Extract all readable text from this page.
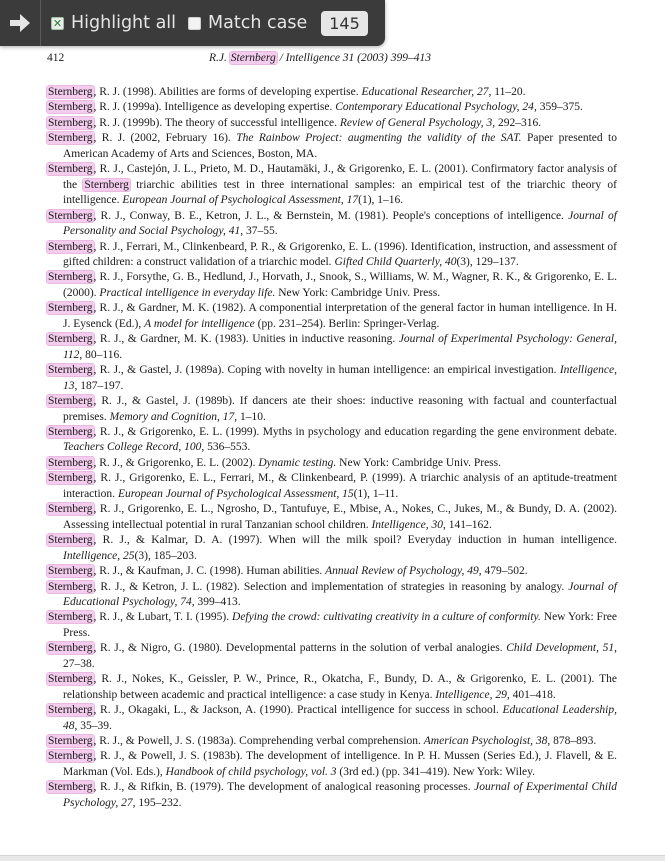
✕ Highlight all Match case	145
412	R.J. Sternberg / Intelligence 31 (2003) 399–413
Sternberg, R. J. (1998). Abilities are forms of developing expertise. Educational Researcher, 27, 11–20.
Sternberg, R. J. (1999a). Intelligence as developing expertise. Contemporary Educational Psychology, 24, 359–375.
Sternberg, R. J. (1999b). The theory of successful intelligence. Review of General Psychology, 3, 292–316.
Sternberg, R. J. (2002, February 16). The Rainbow Project: augmenting the validity of the SAT. Paper presented to American Academy of Arts and Sciences, Boston, MA.
Sternberg, R. J., Castejón, J. L., Prieto, M. D., Hautamäki, J., & Grigorenko, E. L. (2001). Confirmatory factor analysis of the Sternberg triarchic abilities test in three international samples: an empirical test of the triarchic theory of intelligence. European Journal of Psychological Assessment, 17(1), 1–16.
Sternberg, R. J., Conway, B. E., Ketron, J. L., & Bernstein, M. (1981). People's conceptions of intelligence. Journal of Personality and Social Psychology, 41, 37–55.
Sternberg, R. J., Ferrari, M., Clinkenbeard, P. R., & Grigorenko, E. L. (1996). Identification, instruction, and assessment of gifted children: a construct validation of a triarchic model. Gifted Child Quarterly, 40(3), 129–137.
Sternberg, R. J., Forsythe, G. B., Hedlund, J., Horvath, J., Snook, S., Williams, W. M., Wagner, R. K., & Grigorenko, E. L. (2000). Practical intelligence in everyday life. New York: Cambridge Univ. Press.
Sternberg, R. J., & Gardner, M. K. (1982). A componential interpretation of the general factor in human intelligence. In H. J. Eysenck (Ed.), A model for intelligence (pp. 231–254). Berlin: Springer-Verlag.
Sternberg, R. J., & Gardner, M. K. (1983). Unities in inductive reasoning. Journal of Experimental Psychology: General, 112, 80–116.
Sternberg, R. J., & Gastel, J. (1989a). Coping with novelty in human intelligence: an empirical investigation. Intelligence, 13, 187–197.
Sternberg, R. J., & Gastel, J. (1989b). If dancers ate their shoes: inductive reasoning with factual and counterfactual premises. Memory and Cognition, 17, 1–10.
Sternberg, R. J., & Grigorenko, E. L. (1999). Myths in psychology and education regarding the gene environment debate. Teachers College Record, 100, 536–553.
Sternberg, R. J., & Grigorenko, E. L. (2002). Dynamic testing. New York: Cambridge Univ. Press.
Sternberg, R. J., Grigorenko, E. L., Ferrari, M., & Clinkenbeard, P. (1999). A triarchic analysis of an aptitude-treatment interaction. European Journal of Psychological Assessment, 15(1), 1–11.
Sternberg, R. J., Grigorenko, E. L., Ngrosho, D., Tantufuye, E., Mbise, A., Nokes, C., Jukes, M., & Bundy, D. A. (2002). Assessing intellectual potential in rural Tanzanian school children. Intelligence, 30, 141–162.
Sternberg, R. J., & Kalmar, D. A. (1997). When will the milk spoil? Everyday induction in human intelligence. Intelligence, 25(3), 185–203.
Sternberg, R. J., & Kaufman, J. C. (1998). Human abilities. Annual Review of Psychology, 49, 479–502.
Sternberg, R. J., & Ketron, J. L. (1982). Selection and implementation of strategies in reasoning by analogy. Journal of Educational Psychology, 74, 399–413.
Sternberg, R. J., & Lubart, T. I. (1995). Defying the crowd: cultivating creativity in a culture of conformity. New York: Free Press.
Sternberg, R. J., & Nigro, G. (1980). Developmental patterns in the solution of verbal analogies. Child Development, 51, 27–38.
Sternberg, R. J., Nokes, K., Geissler, P. W., Prince, R., Okatcha, F., Bundy, D. A., & Grigorenko, E. L. (2001). The relationship between academic and practical intelligence: a case study in Kenya. Intelligence, 29, 401–418.
Sternberg, R. J., Okagaki, L., & Jackson, A. (1990). Practical intelligence for success in school. Educational Leadership, 48, 35–39.
Sternberg, R. J., & Powell, J. S. (1983a). Comprehending verbal comprehension. American Psychologist, 38, 878–893.
Sternberg, R. J., & Powell, J. S. (1983b). The development of intelligence. In P. H. Mussen (Series Ed.), J. Flavell, & E. Markman (Vol. Eds.), Handbook of child psychology, vol. 3 (3rd ed.) (pp. 341–419). New York: Wiley.
Sternberg, R. J., & Rifkin, B. (1979). The development of analogical reasoning processes. Journal of Experimental Child Psychology, 27, 195–232.
